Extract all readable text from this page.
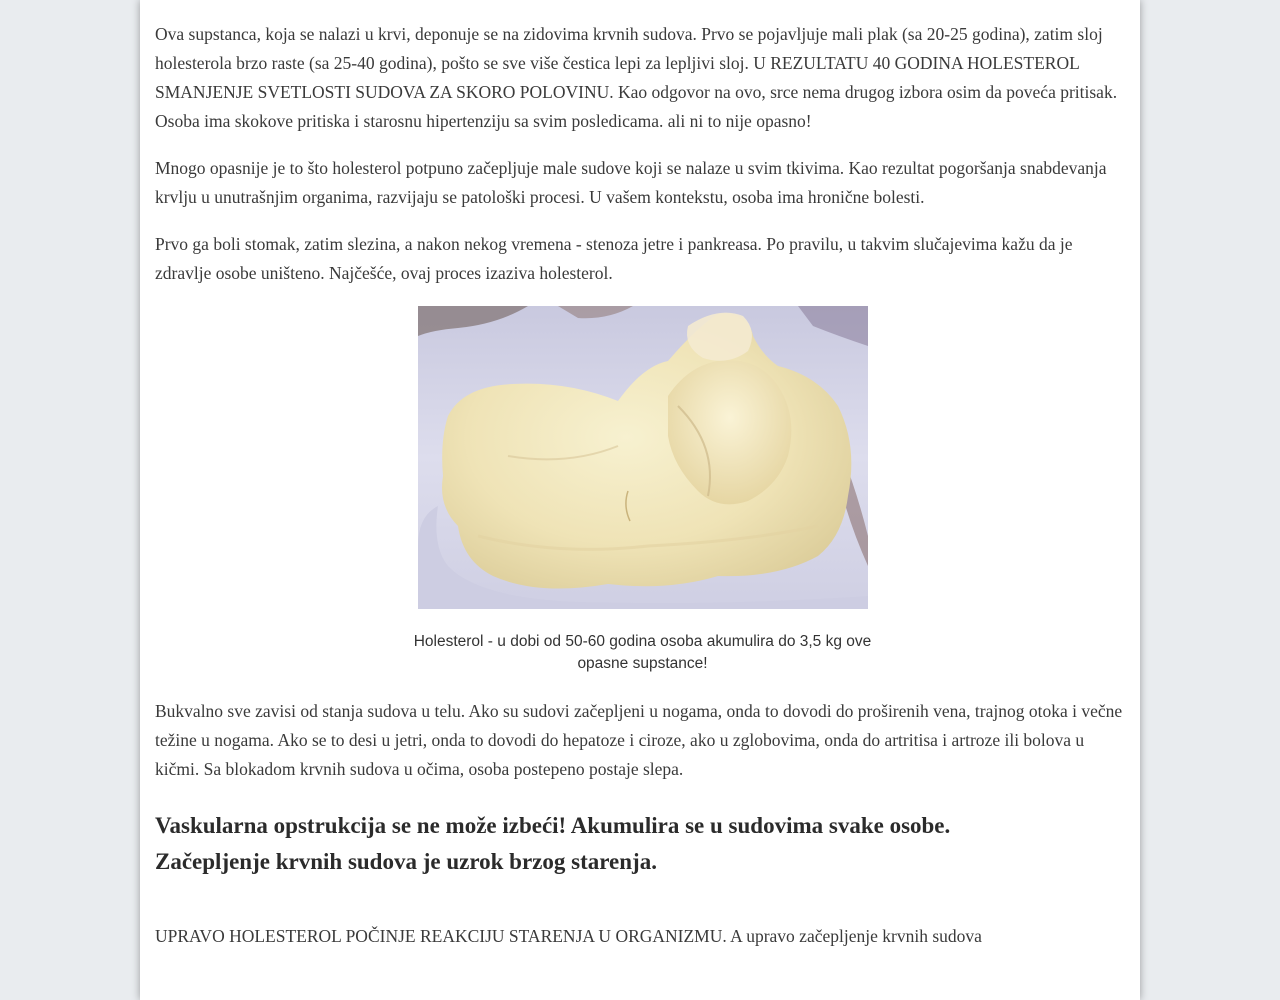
Ova supstanca, koja se nalazi u krvi, deponuje se na zidovima krvnih sudova. Prvo se pojavljuje mali plak (sa 20-25 godina), zatim sloj holesterola brzo raste (sa 25-40 godina), pošto se sve više čestica lepi za lepljivi sloj. U REZULTATU 40 GODINA HOLESTEROL SMANJENJE SVETLOSTI SUDOVA ZA SKORO POLOVINU. Kao odgovor na ovo, srce nema drugog izbora osim da poveća pritisak. Osoba ima skokove pritiska i starosnu hipertenziju sa svim posledicama. ali ni to nije opasno!

Mnogo opasnije je to što holesterol potpuno začepljuje male sudove koji se nalaze u svim tkivima. Kao rezultat pogoršanja snabdevanja krvlju u unutrašnjim organima, razvijaju se patološki procesi. U vašem kontekstu, osoba ima hronične bolesti.

Prvo ga boli stomak, zatim slezina, a nakon nekog vremena - stenoza jetre i pankreasa. Po pravilu, u takvim slučajevima kažu da je zdravlje osobe uništeno. Najčešće, ovaj proces izaziva holesterol.

Holesterol - u dobi od 50-60 godina osoba akumulira do 3,5 kg ove
opasne supstance!

Bukvalno sve zavisi od stanja sudova u telu. Ako su sudovi začepljeni u nogama, onda to dovodi do proširenih vena, trajnog otoka i večne težine u nogama. Ako se to desi u jetri, onda to dovodi do hepatoze i ciroze, ako u zglobovima, onda do artritisa i artroze ili bolova u kičmi. Sa blokadom krvnih sudova u očima, osoba postepeno postaje slepa.

Vaskularna opstrukcija se ne može izbeći! Akumulira se u sudovima svake osobe.
Začepljenje krvnih sudova je uzrok brzog starenja.

UPRAVO HOLESTEROL POČINJE REAKCIJU STARENJA U ORGANIZMU. A upravo začepljenje krvnih sudova
